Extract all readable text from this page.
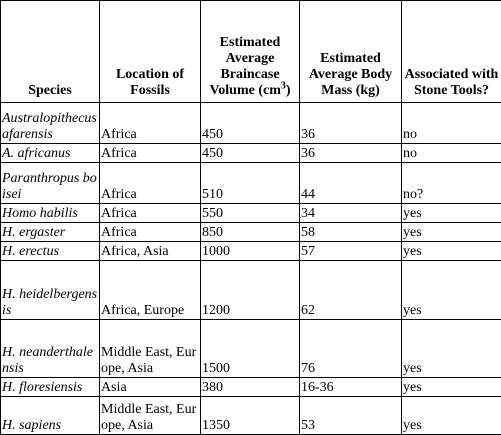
Species	Location of Fossils	Estimated Average Braincase Volume $(cm^3)$	Estimated Average Body Mass (kg)	Associated with Stone Tools?
Australopithecus afarensis	Africa	450	36	no
A. africanus	Africa	450	36	no
Paranthropus boisei	Africa	510	44	no?
Homo habilis	Africa	550	34	yes
H. ergaster	Africa	850	58	yes
H. erectus	Africa, Asia	1000	57	yes
H. heidelbergensis	Africa, Europe	1200	62	yes
H. neanderthalensis	Middle East, Europe, Asia	1500	76	yes
H. floresiensis	Asia	380	16-36	yes
H. sapiens	Middle East, Europe, Asia	1350	53	yes
